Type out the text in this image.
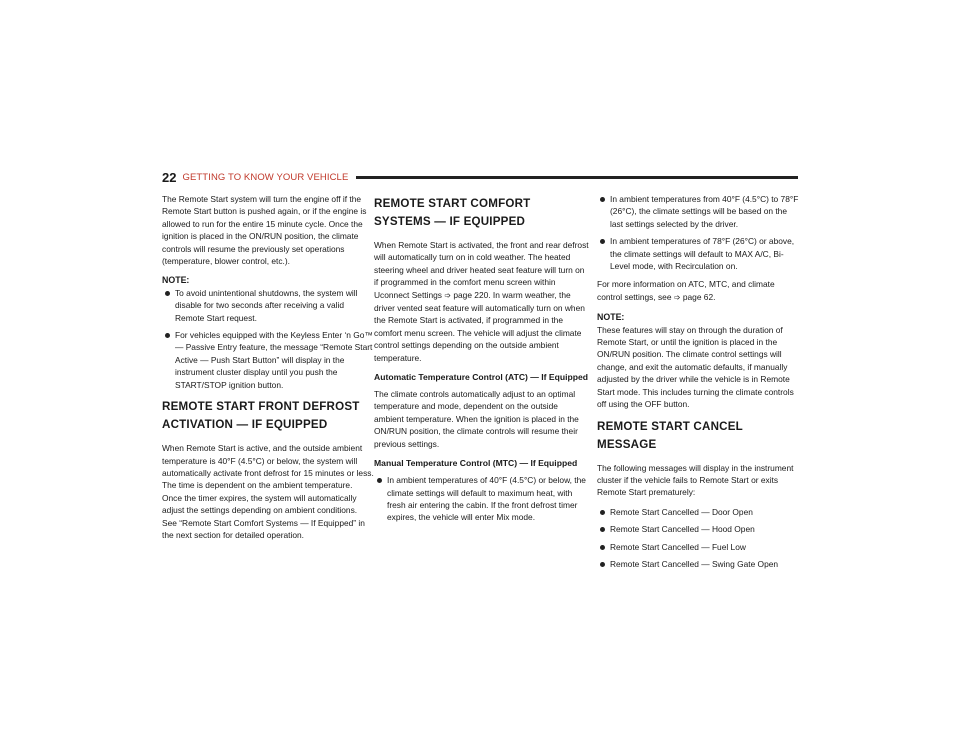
22 GETTING TO KNOW YOUR VEHICLE

The Remote Start system will turn the engine off if the Remote Start button is pushed again, or if the engine is allowed to run for the entire 15 minute cycle. Once the ignition is placed in the ON/RUN position, the climate controls will resume the previously set operations (temperature, blower control, etc.).

NOTE:

To avoid unintentional shutdowns, the system will disable for two seconds after receiving a valid Remote Start request.
For vehicles equipped with the Keyless Enter ‘n Go™ — Passive Entry feature, the message “Remote Start Active — Push Start Button” will display in the instrument cluster display until you push the START/STOP ignition button.
REMOTE START FRONT DEFROST ACTIVATION — IF EQUIPPED

When Remote Start is active, and the outside ambient temperature is 40°F (4.5°C) or below, the system will automatically activate front defrost for 15 minutes or less. The time is dependent on the ambient temperature. Once the timer expires, the system will automatically adjust the settings depending on ambient conditions. See “Remote Start Comfort Systems — If Equipped” in the next section for detailed operation.

REMOTE START COMFORT SYSTEMS — IF EQUIPPED

When Remote Start is activated, the front and rear defrost will automatically turn on in cold weather. The heated steering wheel and driver heated seat feature will turn on if programmed in the comfort menu screen within Uconnect Settings ➩ page 220. In warm weather, the driver vented seat feature will automatically turn on when the Remote Start is activated, if programmed in the comfort menu screen. The vehicle will adjust the climate control settings depending on the outside ambient temperature.

Automatic Temperature Control (ATC) — If Equipped

The climate controls automatically adjust to an optimal temperature and mode, dependent on the outside ambient temperature. When the ignition is placed in the ON/RUN position, the climate controls will resume their previous settings.

Manual Temperature Control (MTC) — If Equipped
In ambient temperatures of 40°F (4.5°C) or below, the climate settings will default to maximum heat, with fresh air entering the cabin. If the front defrost timer expires, the vehicle will enter Mix mode.
In ambient temperatures from 40°F (4.5°C) to 78°F (26°C), the climate settings will be based on the last settings selected by the driver.
In ambient temperatures of 78°F (26°C) or above, the climate settings will default to MAX A/C, Bi-Level mode, with Recirculation on.

For more information on ATC, MTC, and climate control settings, see ➩ page 62.

NOTE:

These features will stay on through the duration of Remote Start, or until the ignition is placed in the ON/RUN position. The climate control settings will change, and exit the automatic defaults, if manually adjusted by the driver while the vehicle is in Remote Start mode. This includes turning the climate controls off using the OFF button.

REMOTE START CANCEL MESSAGE

The following messages will display in the instrument cluster if the vehicle fails to Remote Start or exits Remote Start prematurely:

Remote Start Cancelled — Door Open
Remote Start Cancelled — Hood Open
Remote Start Cancelled — Fuel Low
Remote Start Cancelled — Swing Gate Open
